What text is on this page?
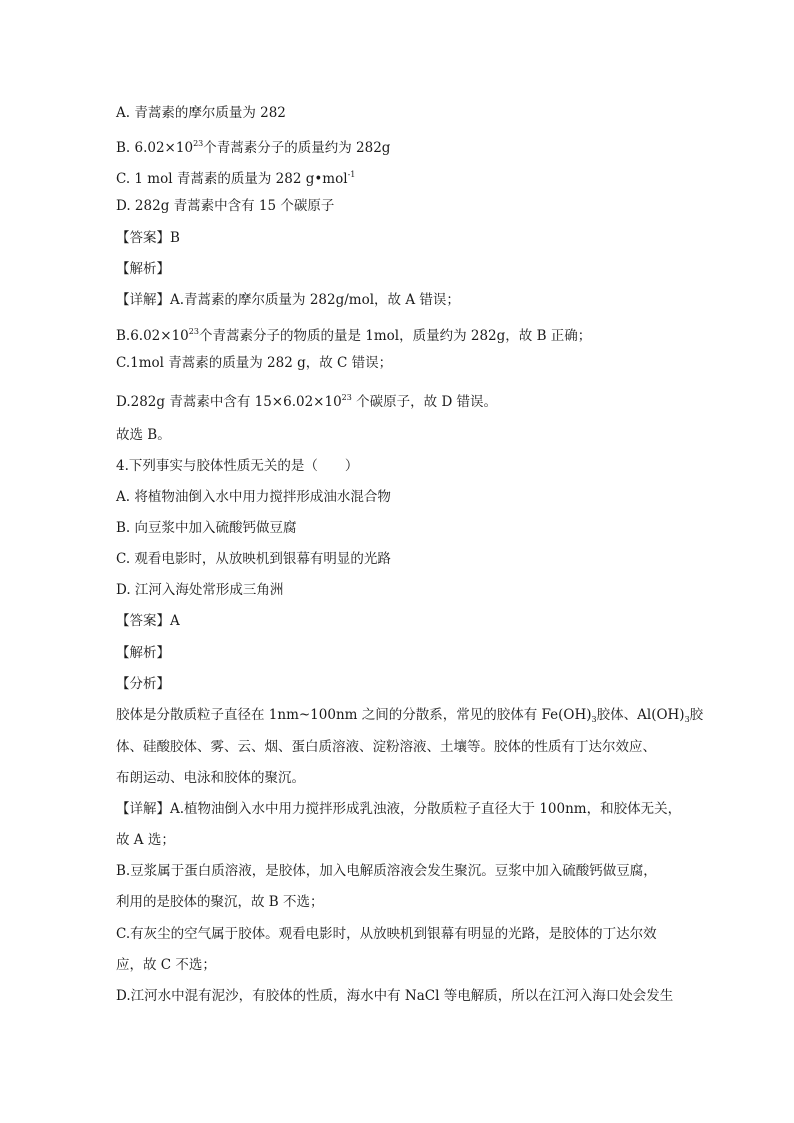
A. 青蒿素的摩尔质量为 282
B. $6.02\times 10^{23}$个青蒿素分子的质量约为 282g
C. 1 mol 青蒿素的质量为 282 g•mol$^{-1}$
D. 282g 青蒿素中含有 15 个碳原子
【答案】B
【解析】
【详解】A.青蒿素的摩尔质量为 282g/mol，故 A 错误；
$B.6.02\times 10^{23}$个青蒿素分子的物质的量是 1mol，质量约为 282g，故 B 正确；
C.1mol 青蒿素的质量为 282 g，故 C 错误；
D.282g 青蒿素中含有 $15\times 6.02\times 10^{23}$ 个碳原子，故 D 错误。
故选 B。
4.下列事实与胶体性质无关的是（　　）
A. 将植物油倒入水中用力搅拌形成油水混合物
B. 向豆浆中加入硫酸钙做豆腐
C. 观看电影时，从放映机到银幕有明显的光路
D. 江河入海处常形成三角洲
【答案】A
【解析】
【分析】
胶体是分散质粒子直径在 1nm~100nm 之间的分散系，常见的胶体有 $Fe(OH)_3$胶体、$Al(OH)_3$胶
体、硅酸胶体、雾、云、烟、蛋白质溶液、淀粉溶液、土壤等。胶体的性质有丁达尔效应、
布朗运动、电泳和胶体的聚沉。
【详解】A.植物油倒入水中用力搅拌形成乳浊液，分散质粒子直径大于 100nm，和胶体无关，
故 A 选；
B.豆浆属于蛋白质溶液，是胶体，加入电解质溶液会发生聚沉。豆浆中加入硫酸钙做豆腐，
利用的是胶体的聚沉，故 B 不选；
C.有灰尘的空气属于胶体。观看电影时，从放映机到银幕有明显的光路，是胶体的丁达尔效
应，故 C 不选；
D.江河水中混有泥沙，有胶体的性质，海水中有 NaCl 等电解质，所以在江河入海口处会发生
